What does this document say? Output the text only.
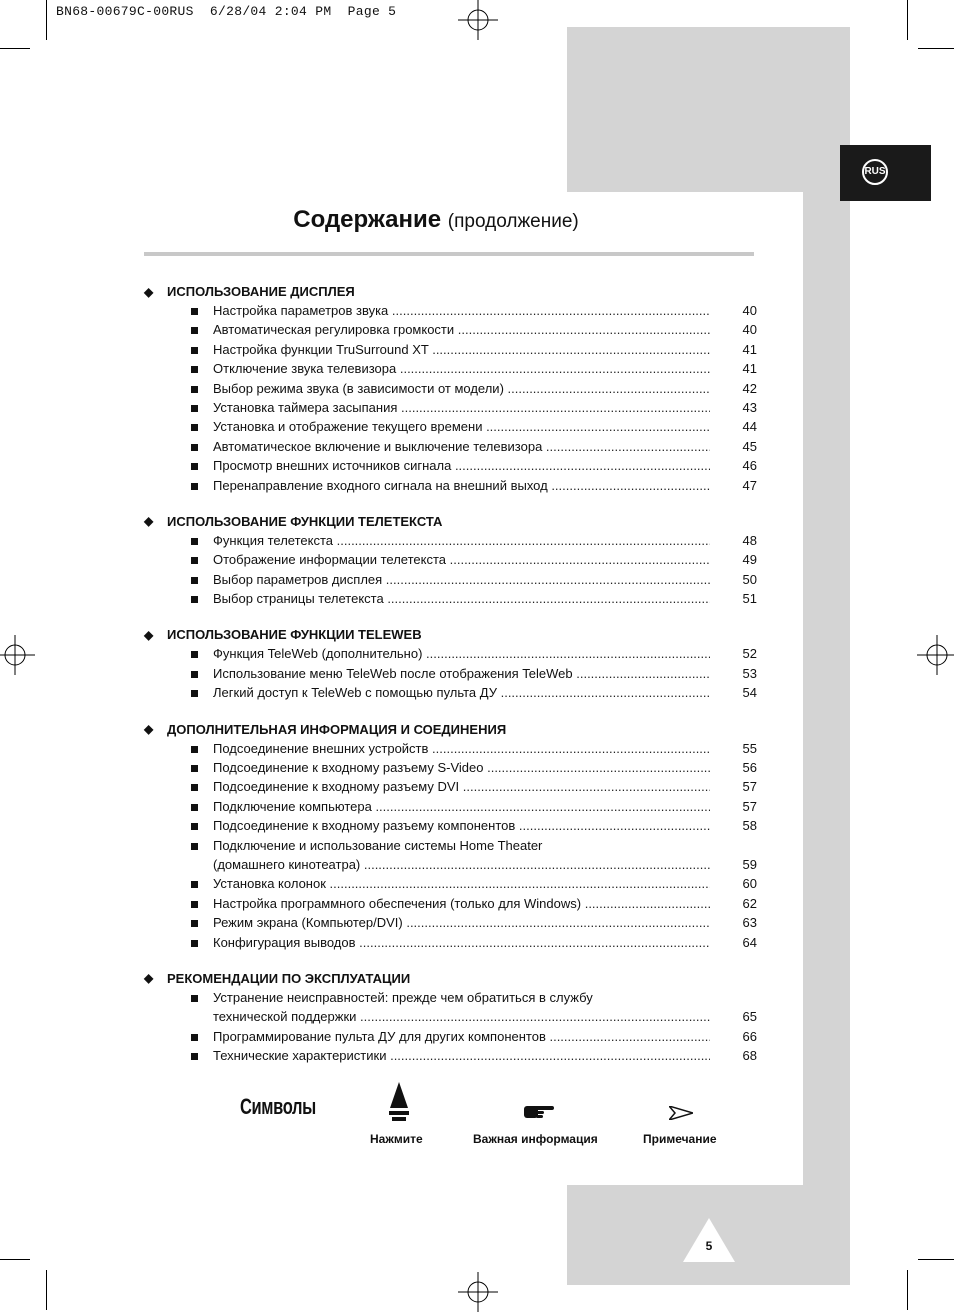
BN68-00679C-00RUS  6/28/04 2:04 PM  Page 5
RUS
Содержание (продолжение)
◆	ИСПОЛЬЗОВАНИЕ ДИСПЛЕЯ
Настройка параметров звука .....	40
Автоматическая регулировка громкости .....	40
Настройка функции TruSurround XT .....	41
Отключение звука телевизора .....	41
Выбор режима звука (в зависимости от модели) .....	42
Установка таймера засыпания .....	43
Установка и отображение текущего времени .....	44
Автоматическое включение и выключение телевизора .....	45
Просмотр внешних источников сигнала .....	46
Перенаправление входного сигнала на внешний выход .....	47
◆	ИСПОЛЬЗОВАНИЕ ФУНКЦИИ ТЕЛЕТЕКСТА
Функция телетекста .....	48
Отображение информации телетекста .....	49
Выбор параметров дисплея .....	50
Выбор страницы телетекста .....	51
◆	ИСПОЛЬЗОВАНИЕ ФУНКЦИИ TELEWEB
Функция TeleWeb (дополнительно) .....	52
Использование меню TeleWeb после отображения TeleWeb .....	53
Легкий доступ к TeleWeb с помощью пульта ДУ .....	54
◆	ДОПОЛНИТЕЛЬНАЯ ИНФОРМАЦИЯ И СОЕДИНЕНИЯ
Подсоединение внешних устройств .....	55
Подсоединение к входному разъему S-Video .....	56
Подсоединение к входному разъему DVI .....	57
Подключение компьютера .....	57
Подсоединение к входному разъему компонентов .....	58
Подключение и использование системы Home Theater
(домашнего кинотеатра) .....	59
Установка колонок .....	60
Настройка программного обеспечения (только для Windows) .....	62
Режим экрана (Компьютер/DVI) .....	63
Конфигурация выводов .....	64
◆	РЕКОМЕНДАЦИИ ПО ЭКСПЛУАТАЦИИ
Устранение неисправностей: прежде чем обратиться в службу
технической поддержки .....	65
Программирование пульта ДУ для других компонентов .....	66
Технические характеристики .....	68
Символы
Нажмите	Важная информация	Примечание
5
